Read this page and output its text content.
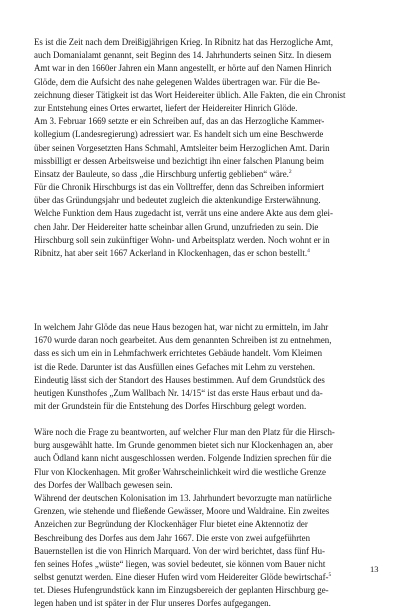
Es ist die Zeit nach dem Dreißigjährigen Krieg. In Ribnitz hat das Herzogliche Amt,
auch Domanialamt genannt, seit Beginn des 14. Jahrhunderts seinen Sitz. In diesem
Amt war in den 1660er Jahren ein Mann angestellt, er hörte auf den Namen Hinrich
Glöde, dem die Aufsicht des nahe gelegenen Waldes übertragen war. Für die Be-
zeichnung dieser Tätigkeit ist das Wort Heidereiter üblich. Alle Fakten, die ein Chronist
zur Entstehung eines Ortes erwartet, liefert der Heidereiter Hinrich Glöde.
Am 3. Februar 1669 setzte er ein Schreiben auf, das an das Herzogliche Kammer-
kollegium (Landesregierung) adressiert war. Es handelt sich um eine Beschwerde
über seinen Vorgesetzten Hans Schmahl, Amtsleiter beim Herzoglichen Amt. Darin
missbilligt er dessen Arbeitsweise und bezichtigt ihn einer falschen Planung beim
Einsatz der Bauleute, so dass „die Hirschburg unfertig geblieben“ wäre.$^2$
Für die Chronik Hirschburgs ist das ein Volltreffer, denn das Schreiben informiert
über das Gründungsjahr und bedeutet zugleich die aktenkundige Ersterwähnung.
Welche Funktion dem Haus zugedacht ist, verrät uns eine andere Akte aus dem glei-
chen Jahr. Der Heidereiter hatte scheinbar allen Grund, unzufrieden zu sein. Die
Hirschburg soll sein zukünftiger Wohn- und Arbeitsplatz werden. Noch wohnt er in
Ribnitz, hat aber seit 1667 Ackerland in Klockenhagen, das er schon bestellt.$^4$
In welchem Jahr Glöde das neue Haus bezogen hat, war nicht zu ermitteln, im Jahr
1670 wurde daran noch gearbeitet. Aus dem genannten Schreiben ist zu entnehmen,
dass es sich um ein in Lehmfachwerk errichtetes Gebäude handelt. Vom Kleimen
ist die Rede. Darunter ist das Ausfüllen eines Gefaches mit Lehm zu verstehen.
Eindeutig lässt sich der Standort des Hauses bestimmen. Auf dem Grundstück des
heutigen Kunsthofes „Zum Wallbach Nr. 14/15“ ist das erste Haus erbaut und da-
mit der Grundstein für die Entstehung des Dorfes Hirschburg gelegt worden.
Wäre noch die Frage zu beantworten, auf welcher Flur man den Platz für die Hirsch-
burg ausgewählt hatte. Im Grunde genommen bietet sich nur Klockenhagen an, aber
auch Ödland kann nicht ausgeschlossen werden. Folgende Indizien sprechen für die
Flur von Klockenhagen. Mit großer Wahrscheinlichkeit wird die westliche Grenze
des Dorfes der Wallbach gewesen sein.
Während der deutschen Kolonisation im 13. Jahrhundert bevorzugte man natürliche
Grenzen, wie stehende und fließende Gewässer, Moore und Waldraine. Ein zweites
Anzeichen zur Begründung der Klockenhäger Flur bietet eine Aktennotiz der
Beschreibung des Dorfes aus dem Jahr 1667. Die erste von zwei aufgeführten
Bauernstellen ist die von Hinrich Marquard. Von der wird berichtet, dass fünf Hu-
fen seines Hofes „wüste“ liegen, was soviel bedeutet, sie können vom Bauer nicht
selbst genutzt werden. Eine dieser Hufen wird vom Heidereiter Glöde bewirtschaf-$^5$
tet. Dieses Hufengrundstück kann im Einzugsbereich der geplanten Hirschburg ge-
legen haben und ist später in der Flur unseres Dorfes aufgegangen.
13
